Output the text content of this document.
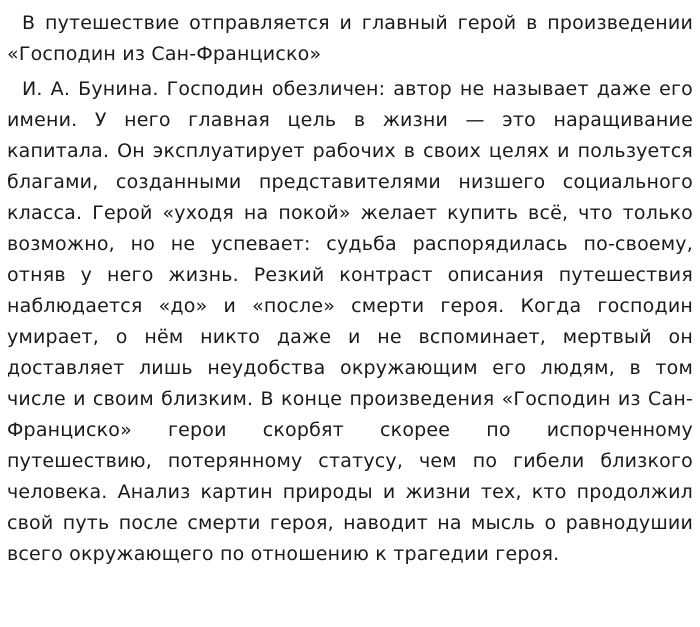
В путешествие отправляется и главный герой в произведении «Господин из Сан-Франциско»

И. А. Бунина. Господин обезличен: автор не называет даже его имени. У него главная цель в жизни — это наращивание капитала. Он эксплуатирует рабочих в своих целях и пользуется благами, созданными представителями низшего социального класса. Герой «уходя на покой» желает купить всё, что только возможно, но не успевает: судьба распорядилась по-своему, отняв у него жизнь. Резкий контраст описания путешествия наблюдается «до» и «после» смерти героя. Когда господин умирает, о нём никто даже и не вспоминает, мертвый он доставляет лишь неудобства окружающим его людям, в том числе и своим близким. В конце произведения «Господин из Сан-Франциско» герои скорбят скорее по испорченному путешествию, потерянному статусу, чем по гибели близкого человека. Анализ картин природы и жизни тех, кто продолжил свой путь после смерти героя, наводит на мысль о равнодушии всего окружающего по отношению к трагедии героя.
